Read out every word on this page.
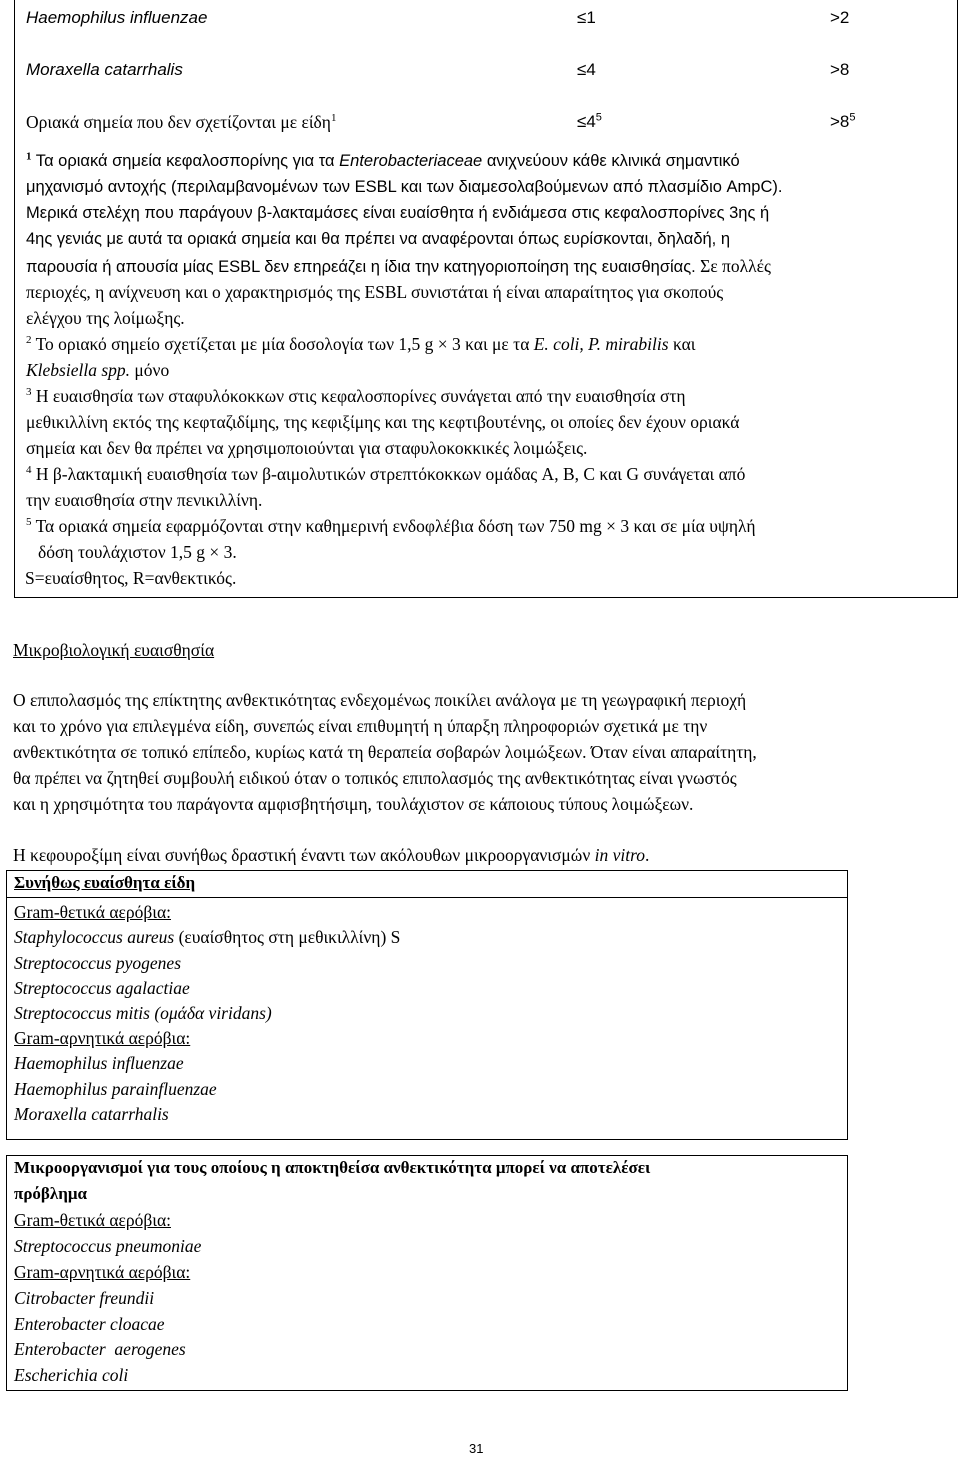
Haemophilus influenzae	≤1	>2
Moraxella catarrhalis	≤4	>8
Οριακά σημεία που δεν σχετίζονται με είδη$^1$	$\le 4^5$	$>8^5$
$^1$ Τα οριακά σημεία κεφαλοσπορίνης για τα Enterobacteriaceae ανιχνεύουν κάθε κλινικά σημαντικό
μηχανισμό αντοχής (περιλαμβανομένων των ESBL και των διαμεσολαβούμενων από πλασμίδιο AmpC).
Μερικά στελέχη που παράγουν β-λακταμάσες είναι ευαίσθητα ή ενδιάμεσα στις κεφαλοσπορίνες 3ης ή
4ης γενιάς με αυτά τα οριακά σημεία και θα πρέπει να αναφέρονται όπως ευρίσκονται, δηλαδή, η
παρουσία ή απουσία μίας ESBL δεν επηρεάζει η ίδια την κατηγοριοποίηση της ευαισθησίας. Σε πολλές
περιοχές, η ανίχνευση και ο χαρακτηρισμός της ESBL συνιστάται ή είναι απαραίτητος για σκοπούς
ελέγχου της λοίμωξης.
$^2$ Το οριακό σημείο σχετίζεται με μία δοσολογία των 1,5 g × 3 και με τα E. coli, P. mirabilis και
Klebsiella spp. μόνο
$^3$ Η ευαισθησία των σταφυλόκοκκων στις κεφαλοσπορίνες συνάγεται από την ευαισθησία στη
μεθικιλλίνη εκτός της κεφταζιδίμης, της κεφιξίμης και της κεφτιβουτένης, οι οποίες δεν έχουν οριακά
σημεία και δεν θα πρέπει να χρησιμοποιούνται για σταφυλοκοκκικές λοιμώξεις.
$^4$ Η β-λακταμική ευαισθησία των β-αιμολυτικών στρεπτόκοκκων ομάδας A, B, C και G συνάγεται από
την ευαισθησία στην πενικιλλίνη.
$^5$ Τα οριακά σημεία εφαρμόζονται στην καθημερινή ενδοφλέβια δόση των 750 mg × 3 και σε μία υψηλή
δόση τουλάχιστον 1,5 g × 3.
S=ευαίσθητος, R=ανθεκτικός.
Μικροβιολογική ευαισθησία
Ο επιπολασμός της επίκτητης ανθεκτικότητας ενδεχομένως ποικίλει ανάλογα με τη γεωγραφική περιοχή
και το χρόνο για επιλεγμένα είδη, συνεπώς είναι επιθυμητή η ύπαρξη πληροφοριών σχετικά με την
ανθεκτικότητα σε τοπικό επίπεδο, κυρίως κατά τη θεραπεία σοβαρών λοιμώξεων. Όταν είναι απαραίτητη,
θα πρέπει να ζητηθεί συμβουλή ειδικού όταν ο τοπικός επιπολασμός της ανθεκτικότητας είναι γνωστός
και η χρησιμότητα του παράγοντα αμφισβητήσιμη, τουλάχιστον σε κάποιους τύπους λοιμώξεων.
Η κεφουροξίμη είναι συνήθως δραστική έναντι των ακόλουθων μικροοργανισμών in vitro.
Συνήθως ευαίσθητα είδη
Gram-θετικά αερόβια:
Staphylococcus aureus (ευαίσθητος στη μεθικιλλίνη) S
Streptococcus pyogenes
Streptococcus agalactiae
Streptococcus mitis (ομάδα viridans)
Gram-αρνητικά αερόβια:
Haemophilus influenzae
Haemophilus parainfluenzae
Moraxella catarrhalis
Μικροοργανισμοί για τους οποίους η αποκτηθείσα ανθεκτικότητα μπορεί να αποτελέσει
πρόβλημα
Gram-θετικά αερόβια:
Streptococcus pneumoniae
Gram-αρνητικά αερόβια:
Citrobacter freundii
Enterobacter cloacae
Enterobacter  aerogenes
Escherichia coli
31
